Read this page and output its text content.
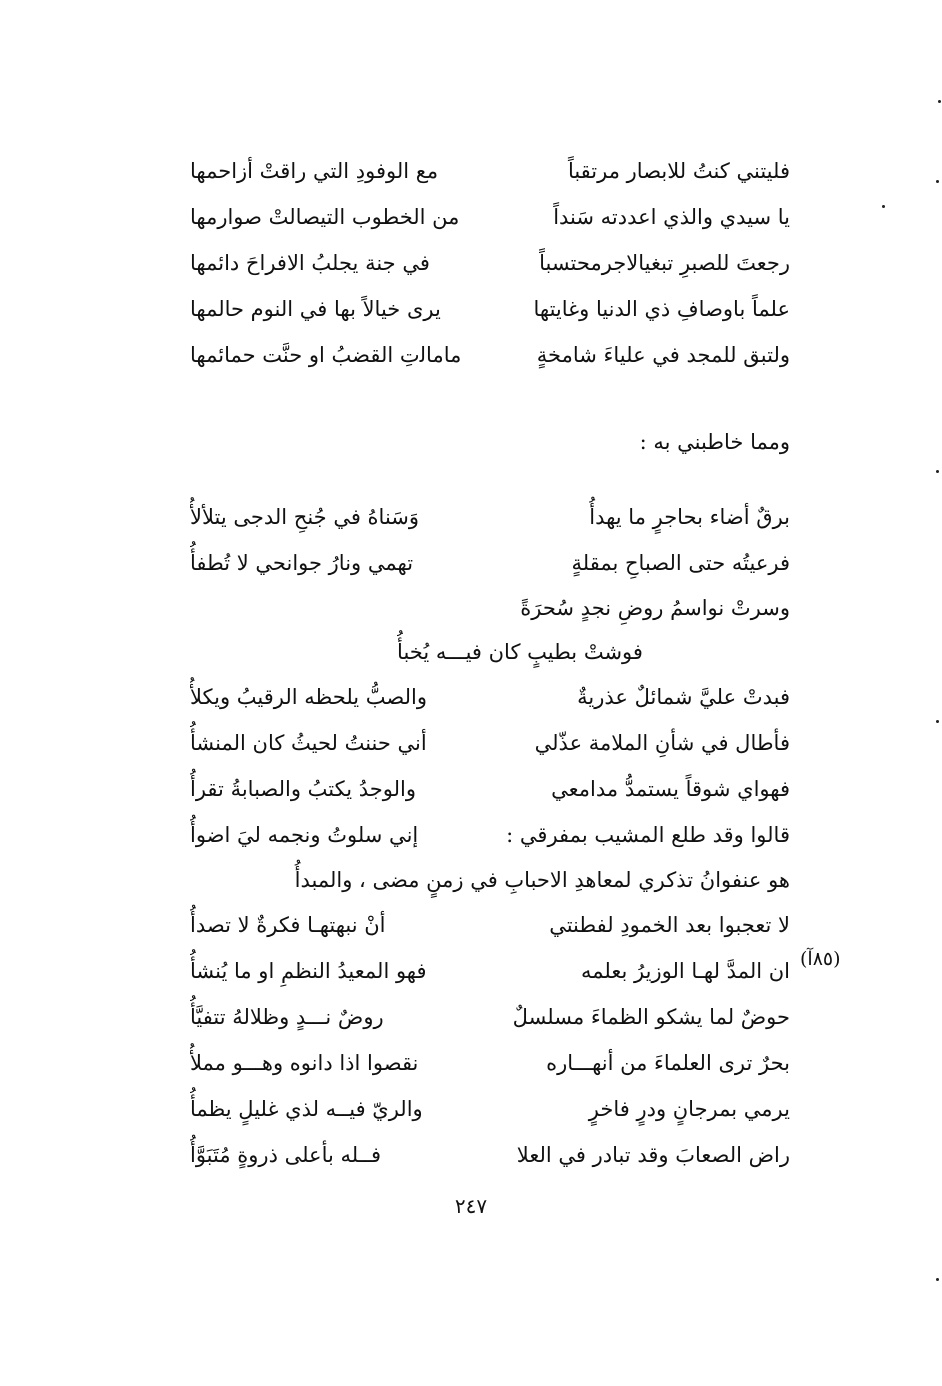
فليتني كنتُ للابصار مرتقباً
مع الوفودِ التي راقتْ أزاحمها
يا سيدي والذي اعددته سَنداً
من الخطوب التيصالتْ صوارمها
رجعتَ للصبرِ تبغيالاجرمحتسباً
في جنة يجلبُ الافراحَ دائمها
علماً باوصافِ ذي الدنيا وغايتها
يرى خيالاً بها في النوم حالمها
ولتبق للمجد في علياءَ شامخةٍ
ماماﻟتِ القضبُ او حنَّت حمائمها
ومما خاطبني به :
برقٌ أضاء بحاجرٍ ما يهدأُ
وَسَناهُ في جُنحِ الدجى يتلألأُ
فرعيتُه حتى الصباحِ بمقلةٍ
تهمي ونارُ جوانحي لا تُطفأُ
وسرتْ نواسمُ روضِ نجدٍ سُحرَةً
فوشتْ بطيبٍ كان فيـــه يُخبأُ
فبدتْ عليَّ شمائلٌ عذريةٌ
والصبُّ يلحظه الرقيبُ ويكلأُ
فأطال في شأنِ الملامة عذّلي
أني حننتُ لحيثُ كان المنشأُ
فهواي شوقاً يستمدُّ مدامعي
والوجدُ يكتبُ والصبابةُ تقرأُ
قالوا وقد طلع المشيب بمفرقي :
إني سلوتُ ونجمه ليَ اضوأُ
هو عنفوانُ تذكري لمعاهدِ الاحبابِ في زمنٍ مضى ، والمبدأُ
لا تعجبوا بعد الخمودِ لفطنتي
أنْ نبهتهـا فكرةٌ لا تصدأُ
ان المدَّ لهـا الوزيرُ بعلمه
فهو المعيدُ النظمِ او ما يُنشأُ
حوضٌ لما يشكو الظماءَ مسلسلٌ
روضٌ نـــدٍ وظلالهُ تتفيَّأُ
بحرٌ ترى العلماءَ من أنهـــاره
نقصوا اذا دانوه وهـــو مملأُ
يرمي بمرجانٍ ودرٍ فاخرٍ
والريّ فيــه لذي غليلٍ يظمأُ
راض الصعابَ وقد تبادر في العلا
فــله بأعلى ذروةٍ مُتَبَوَّأُ
(٨٥آ)
٢٤٧
